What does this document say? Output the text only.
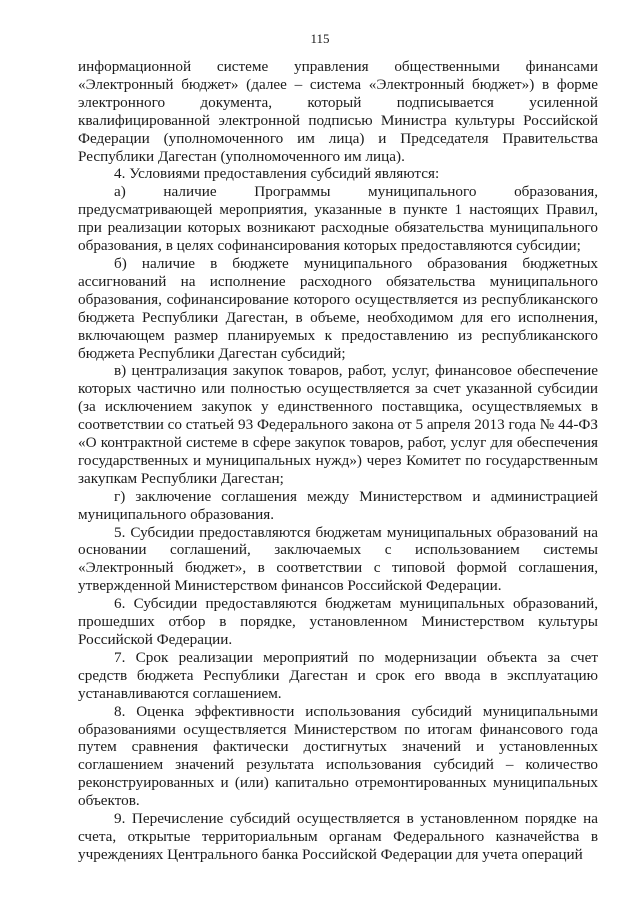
115

информационной системе управления общественными финансами «Электронный бюджет» (далее – система «Электронный бюджет») в форме электронного документа, который подписывается усиленной квалифицированной электронной подписью Министра культуры Российской Федерации (уполномоченного им лица) и Председателя Правительства Республики Дагестан (уполномоченного им лица).

4. Условиями предоставления субсидий являются:

а) наличие Программы муниципального образования, предусматривающей мероприятия, указанные в пункте 1 настоящих Правил, при реализации которых возникают расходные обязательства муниципального образования, в целях софинансирования которых предоставляются субсидии;

б) наличие в бюджете муниципального образования бюджетных ассигнований на исполнение расходного обязательства муниципального образования, софинансирование которого осуществляется из республиканского бюджета Республики Дагестан, в объеме, необходимом для его исполнения, включающем размер планируемых к предоставлению из республиканского бюджета Республики Дагестан субсидий;

в) централизация закупок товаров, работ, услуг, финансовое обеспечение которых частично или полностью осуществляется за счет указанной субсидии (за исключением закупок у единственного поставщика, осуществляемых в соответствии со статьей 93 Федерального закона от 5 апреля 2013 года № 44-ФЗ «О контрактной системе в сфере закупок товаров, работ, услуг для обеспечения государственных и муниципальных нужд») через Комитет по государственным закупкам Республики Дагестан;

г) заключение соглашения между Министерством и администрацией муниципального образования.

5. Субсидии предоставляются бюджетам муниципальных образований на основании соглашений, заключаемых с использованием системы «Электронный бюджет», в соответствии с типовой формой соглашения, утвержденной Министерством финансов Российской Федерации.

6. Субсидии предоставляются бюджетам муниципальных образований, прошедших отбор в порядке, установленном Министерством культуры Российской Федерации.

7. Срок реализации мероприятий по модернизации объекта за счет средств бюджета Республики Дагестан и срок его ввода в эксплуатацию устанавливаются соглашением.

8. Оценка эффективности использования субсидий муниципальными образованиями осуществляется Министерством по итогам финансового года путем сравнения фактически достигнутых значений и установленных соглашением значений результата использования субсидий – количество реконструированных и (или) капитально отремонтированных муниципальных объектов.

9. Перечисление субсидий осуществляется в установленном порядке на счета, открытые территориальным органам Федерального казначейства в учреждениях Центрального банка Российской Федерации для учета операций
